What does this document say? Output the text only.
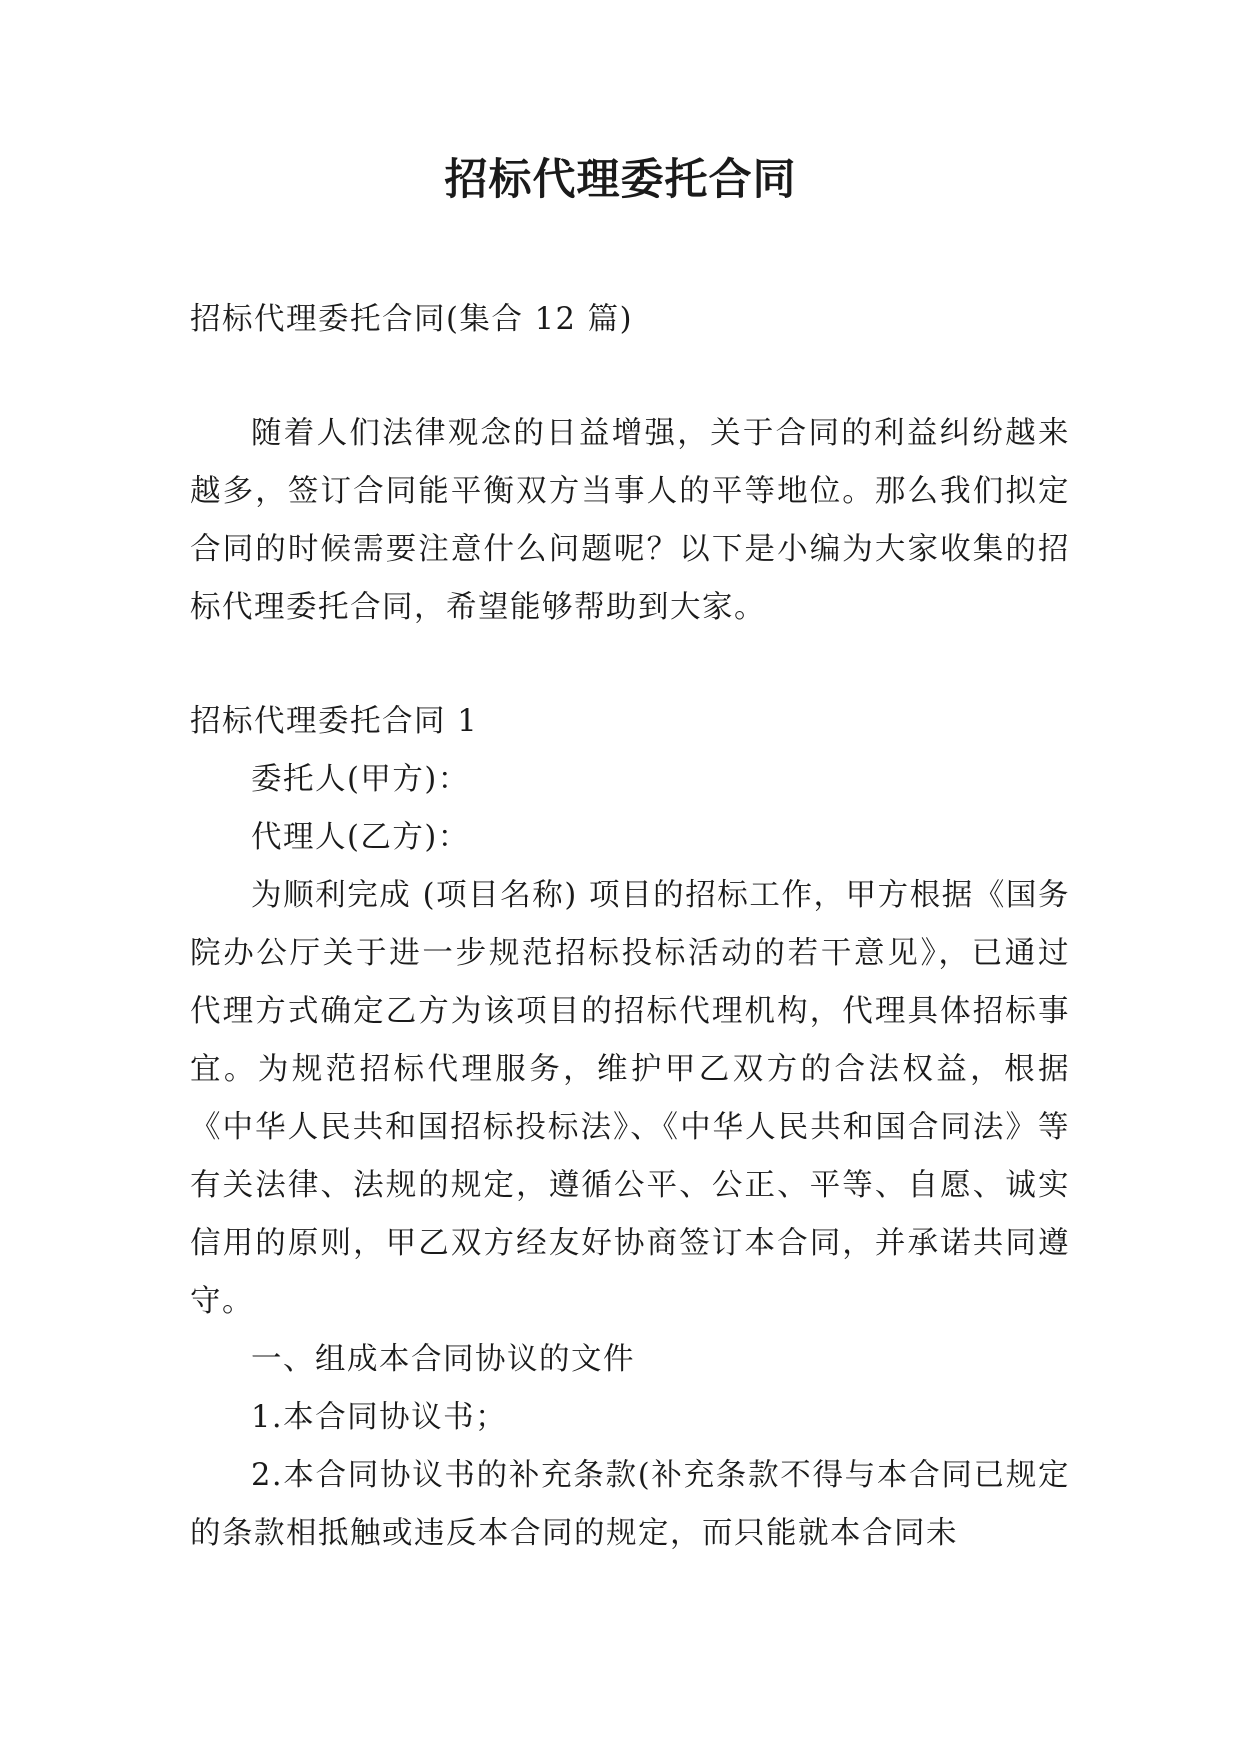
招标代理委托合同

招标代理委托合同(集合 12 篇)

随着人们法律观念的日益增强，关于合同的利益纠纷越来越多，签订合同能平衡双方当事人的平等地位。那么我们拟定合同的时候需要注意什么问题呢？以下是小编为大家收集的招标代理委托合同，希望能够帮助到大家。

招标代理委托合同 1

委托人(甲方)：

代理人(乙方)：

为顺利完成 (项目名称) 项目的招标工作，甲方根据《国务院办公厅关于进一步规范招标投标活动的若干意见》，已通过代理方式确定乙方为该项目的招标代理机构，代理具体招标事宜。为规范招标代理服务，维护甲乙双方的合法权益，根据《中华人民共和国招标投标法》、《中华人民共和国合同法》等有关法律、法规的规定，遵循公平、公正、平等、自愿、诚实信用的原则，甲乙双方经友好协商签订本合同，并承诺共同遵守。

一、组成本合同协议的文件

1.本合同协议书；

2.本合同协议书的补充条款(补充条款不得与本合同已规定的条款相抵触或违反本合同的规定，而只能就本合同未
